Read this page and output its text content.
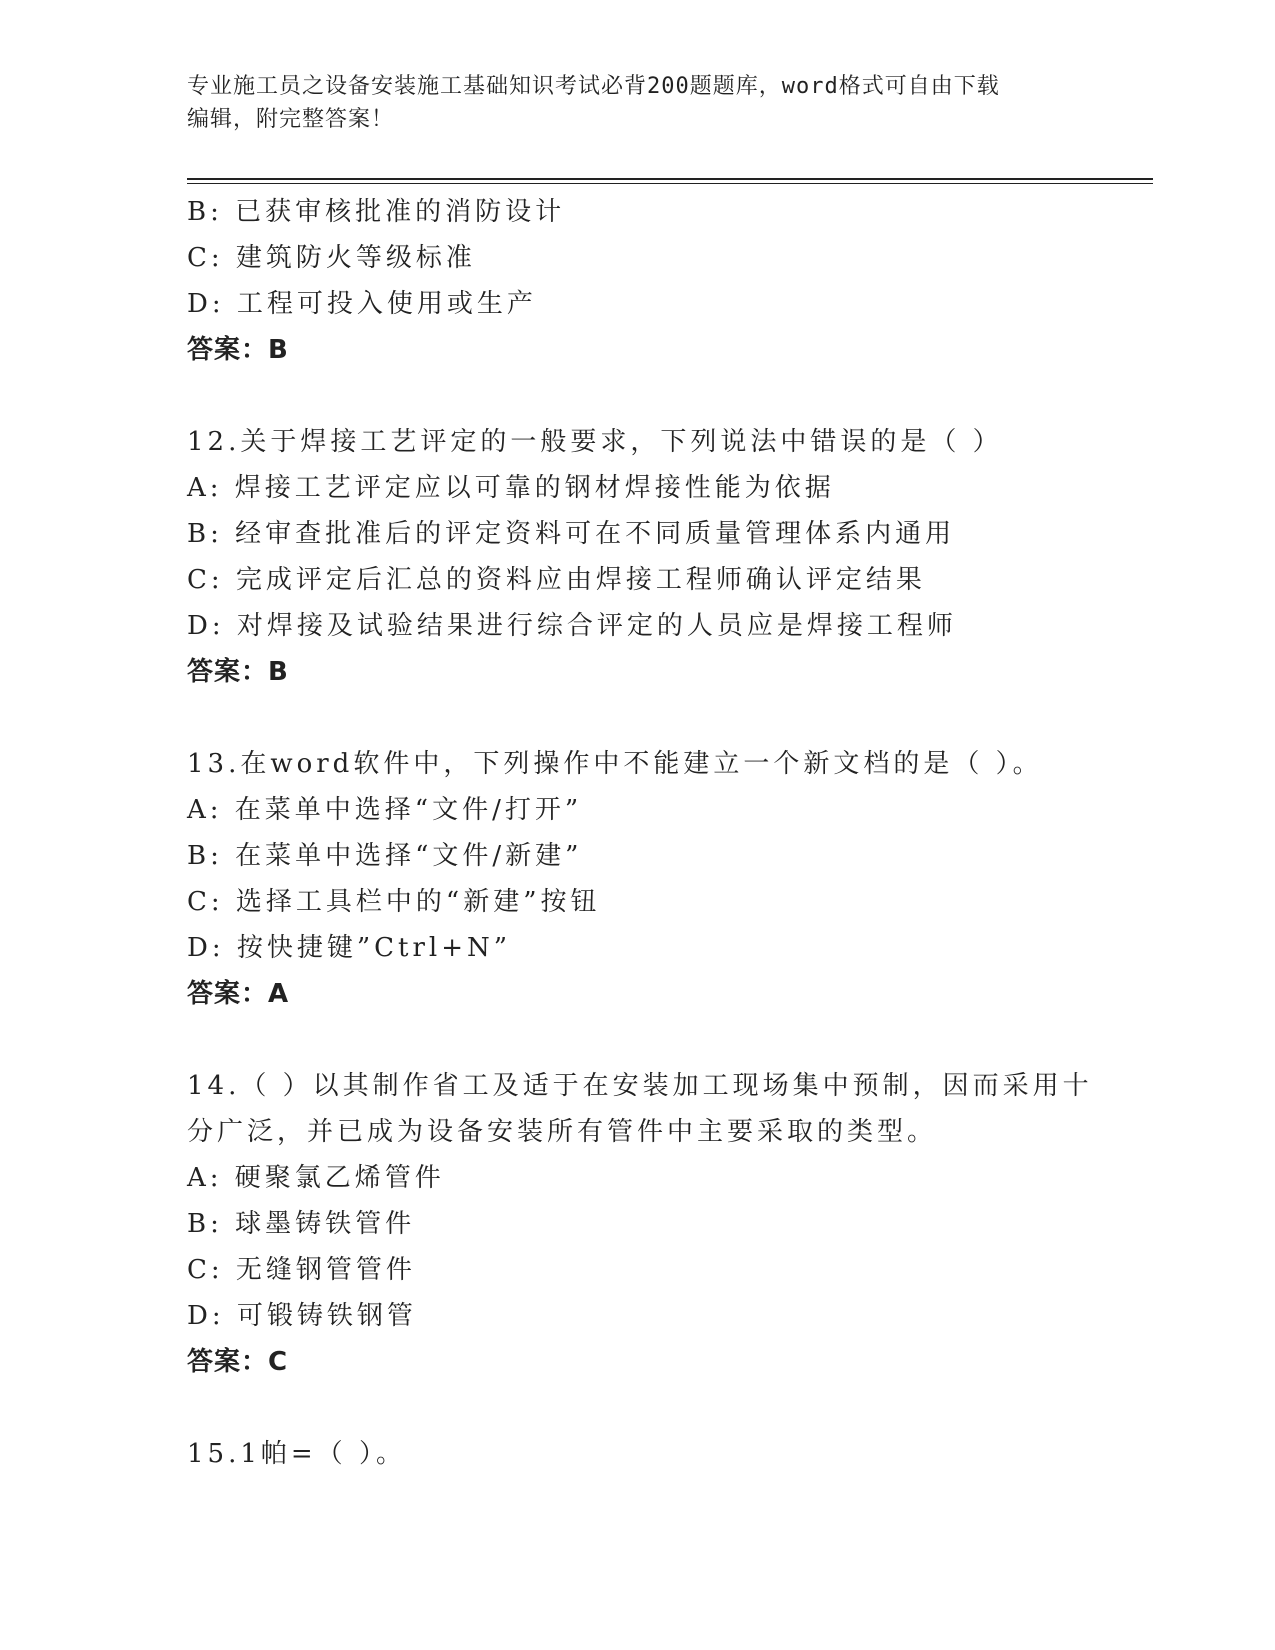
专业施工员之设备安装施工基础知识考试必背200题题库，word格式可自由下载
编辑，附完整答案！
B: 已获审核批准的消防设计
C: 建筑防火等级标准
D: 工程可投入使用或生产
答案：B
12.关于焊接工艺评定的一般要求，下列说法中错误的是（ ）
A: 焊接工艺评定应以可靠的钢材焊接性能为依据
B: 经审查批准后的评定资料可在不同质量管理体系内通用
C: 完成评定后汇总的资料应由焊接工程师确认评定结果
D: 对焊接及试验结果进行综合评定的人员应是焊接工程师
答案：B
13.在word软件中，下列操作中不能建立一个新文档的是（ ）。
A: 在菜单中选择“文件/打开”
B: 在菜单中选择“文件/新建”
C: 选择工具栏中的“新建”按钮
D: 按快捷键”Ctrl+N”
答案：A
14.（ ）以其制作省工及适于在安装加工现场集中预制，因而采用十
分广泛，并已成为设备安装所有管件中主要采取的类型。
A: 硬聚氯乙烯管件
B: 球墨铸铁管件
C: 无缝钢管管件
D: 可锻铸铁钢管
答案：C
15.1帕=（ ）。
